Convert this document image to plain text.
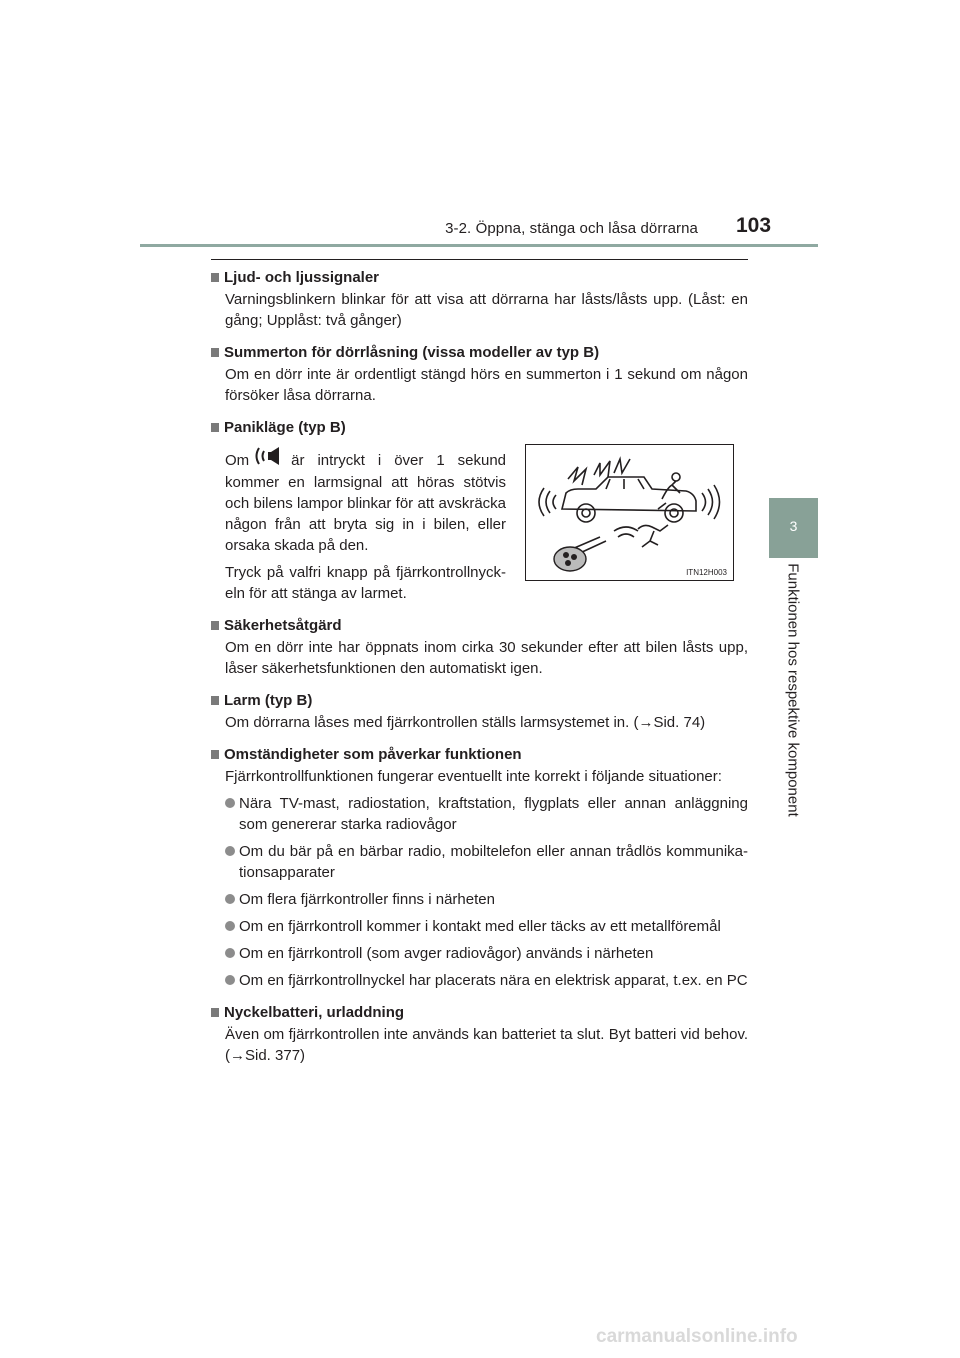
3-2. Öppna, stänga och låsa dörrarna 103
3
Funktionen hos respektive komponent
Ljud- och ljussignaler
Varningsblinkern blinkar för att visa att dörrarna har låsts/låsts upp. (Låst: en gång; Upplåst: två gånger)
Summerton för dörrlåsning (vissa modeller av typ B)
Om en dörr inte är ordentligt stängd hörs en summerton i 1 sekund om någon försöker låsa dörrarna.
Panikläge (typ B)

Om	är intryckt i över 1 sekund kommer en larmsignal att höras stötvis och bilens lampor blinkar för att avskräcka någon från att bryta sig in i bilen, eller orsaka skada på den.

Tryck på valfri knapp på fjärrkontrollnyck-eln för att stänga av larmet.

ITN12H003
Säkerhetsåtgärd
Om en dörr inte har öppnats inom cirka 30 sekunder efter att bilen låsts upp, låser säkerhetsfunktionen den automatiskt igen.
Larm (typ B)
Om dörrarna låses med fjärrkontrollen ställs larmsystemet in. (→Sid. 74)
Omständigheter som påverkar funktionen
Fjärrkontrollfunktionen fungerar eventuellt inte korrekt i följande situationer:
Nära TV-mast, radiostation, kraftstation, flygplats eller annan anläggning som genererar starka radiovågor
Om du bär på en bärbar radio, mobiltelefon eller annan trådlös kommunika-tionsapparater
Om flera fjärrkontroller finns i närheten
Om en fjärrkontroll kommer i kontakt med eller täcks av ett metallföremål
Om en fjärrkontroll (som avger radiovågor) används i närheten
Om en fjärrkontrollnyckel har placerats nära en elektrisk apparat, t.ex. en PC
Nyckelbatteri, urladdning
Även om fjärrkontrollen inte används kan batteriet ta slut. Byt batteri vid behov. (→Sid. 377)
carmanualsonline.info
